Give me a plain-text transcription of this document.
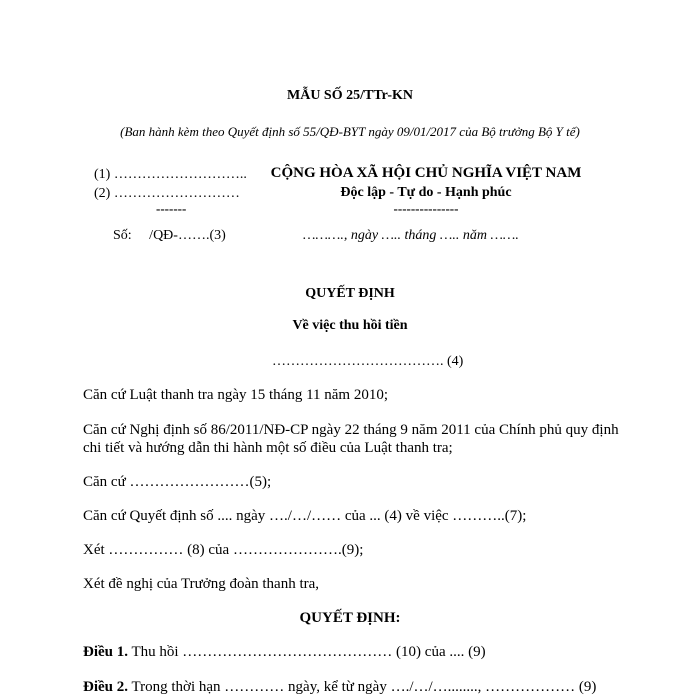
MẪU SỐ 25/TTr-KN
(Ban hành kèm theo Quyết định số 55/QĐ-BYT ngày 09/01/2017 của Bộ trưởng Bộ Y tế)
(1) ………………………..
(2) ………………………
-------
Số:     /QĐ-…….(3)
CỘNG HÒA XÃ HỘI CHỦ NGHĨA VIỆT NAM
Độc lập - Tự do - Hạnh phúc
---------------
………., ngày ….. tháng ….. năm …….
QUYẾT ĐỊNH
Về việc thu hồi tiền
………………………………. (4)
Căn cứ Luật thanh tra ngày 15 tháng 11 năm 2010;
Căn cứ Nghị định số 86/2011/NĐ-CP ngày 22 tháng 9 năm 2011 của Chính phủ quy định
chi tiết và hướng dẫn thi hành một số điều của Luật thanh tra;
Căn cứ ……………………(5);
Căn cứ Quyết định số .... ngày …./…/…… của ... (4) về việc ………..(7);
Xét …………… (8) của ………………….(9);
Xét đề nghị của Trưởng đoàn thanh tra,
QUYẾT ĐỊNH:
Điều 1. Thu hồi …………………………………… (10) của .... (9)
Điều 2. Trong thời hạn ………… ngày, kể từ ngày …./…/…........, ……………… (9)
